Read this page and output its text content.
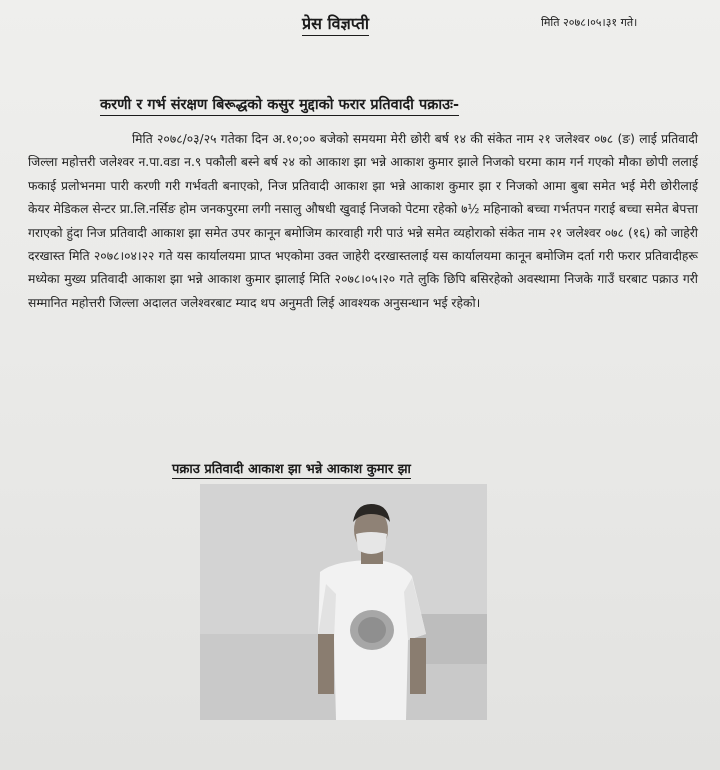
प्रेस विज्ञप्ती	मिति २०७८।०५।३१ गते।
करणी र गर्भ संरक्षण बिरूद्धको कसुर मुद्दाको फरार प्रतिवादी पक्राउः-
मिति २०७८/०३/२५ गतेका दिन अ.१०;०० बजेको समयमा मेरी छोरी बर्ष १४ की संकेत नाम २१ जलेश्वर ०७८ (ङ) लाई प्रतिवादी जिल्ला महोत्तरी जलेश्वर न.पा.वडा न.९ पकौली बस्ने बर्ष २४ को आकाश झा भन्ने आकाश कुमार झाले निजको घरमा काम गर्न गएको मौका छोपी ललाई फकाई प्रलोभनमा पारी करणी गरी गर्भवती बनाएको, निज प्रतिवादी आकाश झा भन्ने आकाश कुमार झा र निजको आमा बुबा समेत भई मेरी छोरीलाई केयर मेडिकल सेन्टर प्रा.लि.नर्सिङ होम जनकपुरमा लगी नसालु औषधी खुवाई निजको पेटमा रहेको ७½ महिनाको बच्चा गर्भतपन गराई बच्चा समेत बेपत्ता गराएको हुंदा निज प्रतिवादी आकाश झा समेत उपर कानून बमोजिम कारवाही गरी पाउं भन्ने समेत व्यहोराको संकेत नाम २१ जलेश्वर ०७८ (१६) को जाहेरी दरखास्त मिति २०७८।०४।२२ गते यस कार्यालयमा प्राप्त भएकोमा उक्त जाहेरी दरखास्तलाई यस कार्यालयमा कानून बमोजिम दर्ता गरी फरार प्रतिवादीहरू मध्येका मुख्य प्रतिवादी आकाश झा भन्ने आकाश कुमार झालाई मिति २०७८।०५।२० गते लुकि छिपि बसिरहेको अवस्थामा निजके गाउँ घरबाट पक्राउ गरी सम्मानित महोत्तरी जिल्ला अदालत जलेश्वरबाट म्याद थप अनुमती लिई आवश्यक अनुसन्धान भई रहेको।
पक्राउ प्रतिवादी आकाश झा भन्ने आकाश कुमार झा
